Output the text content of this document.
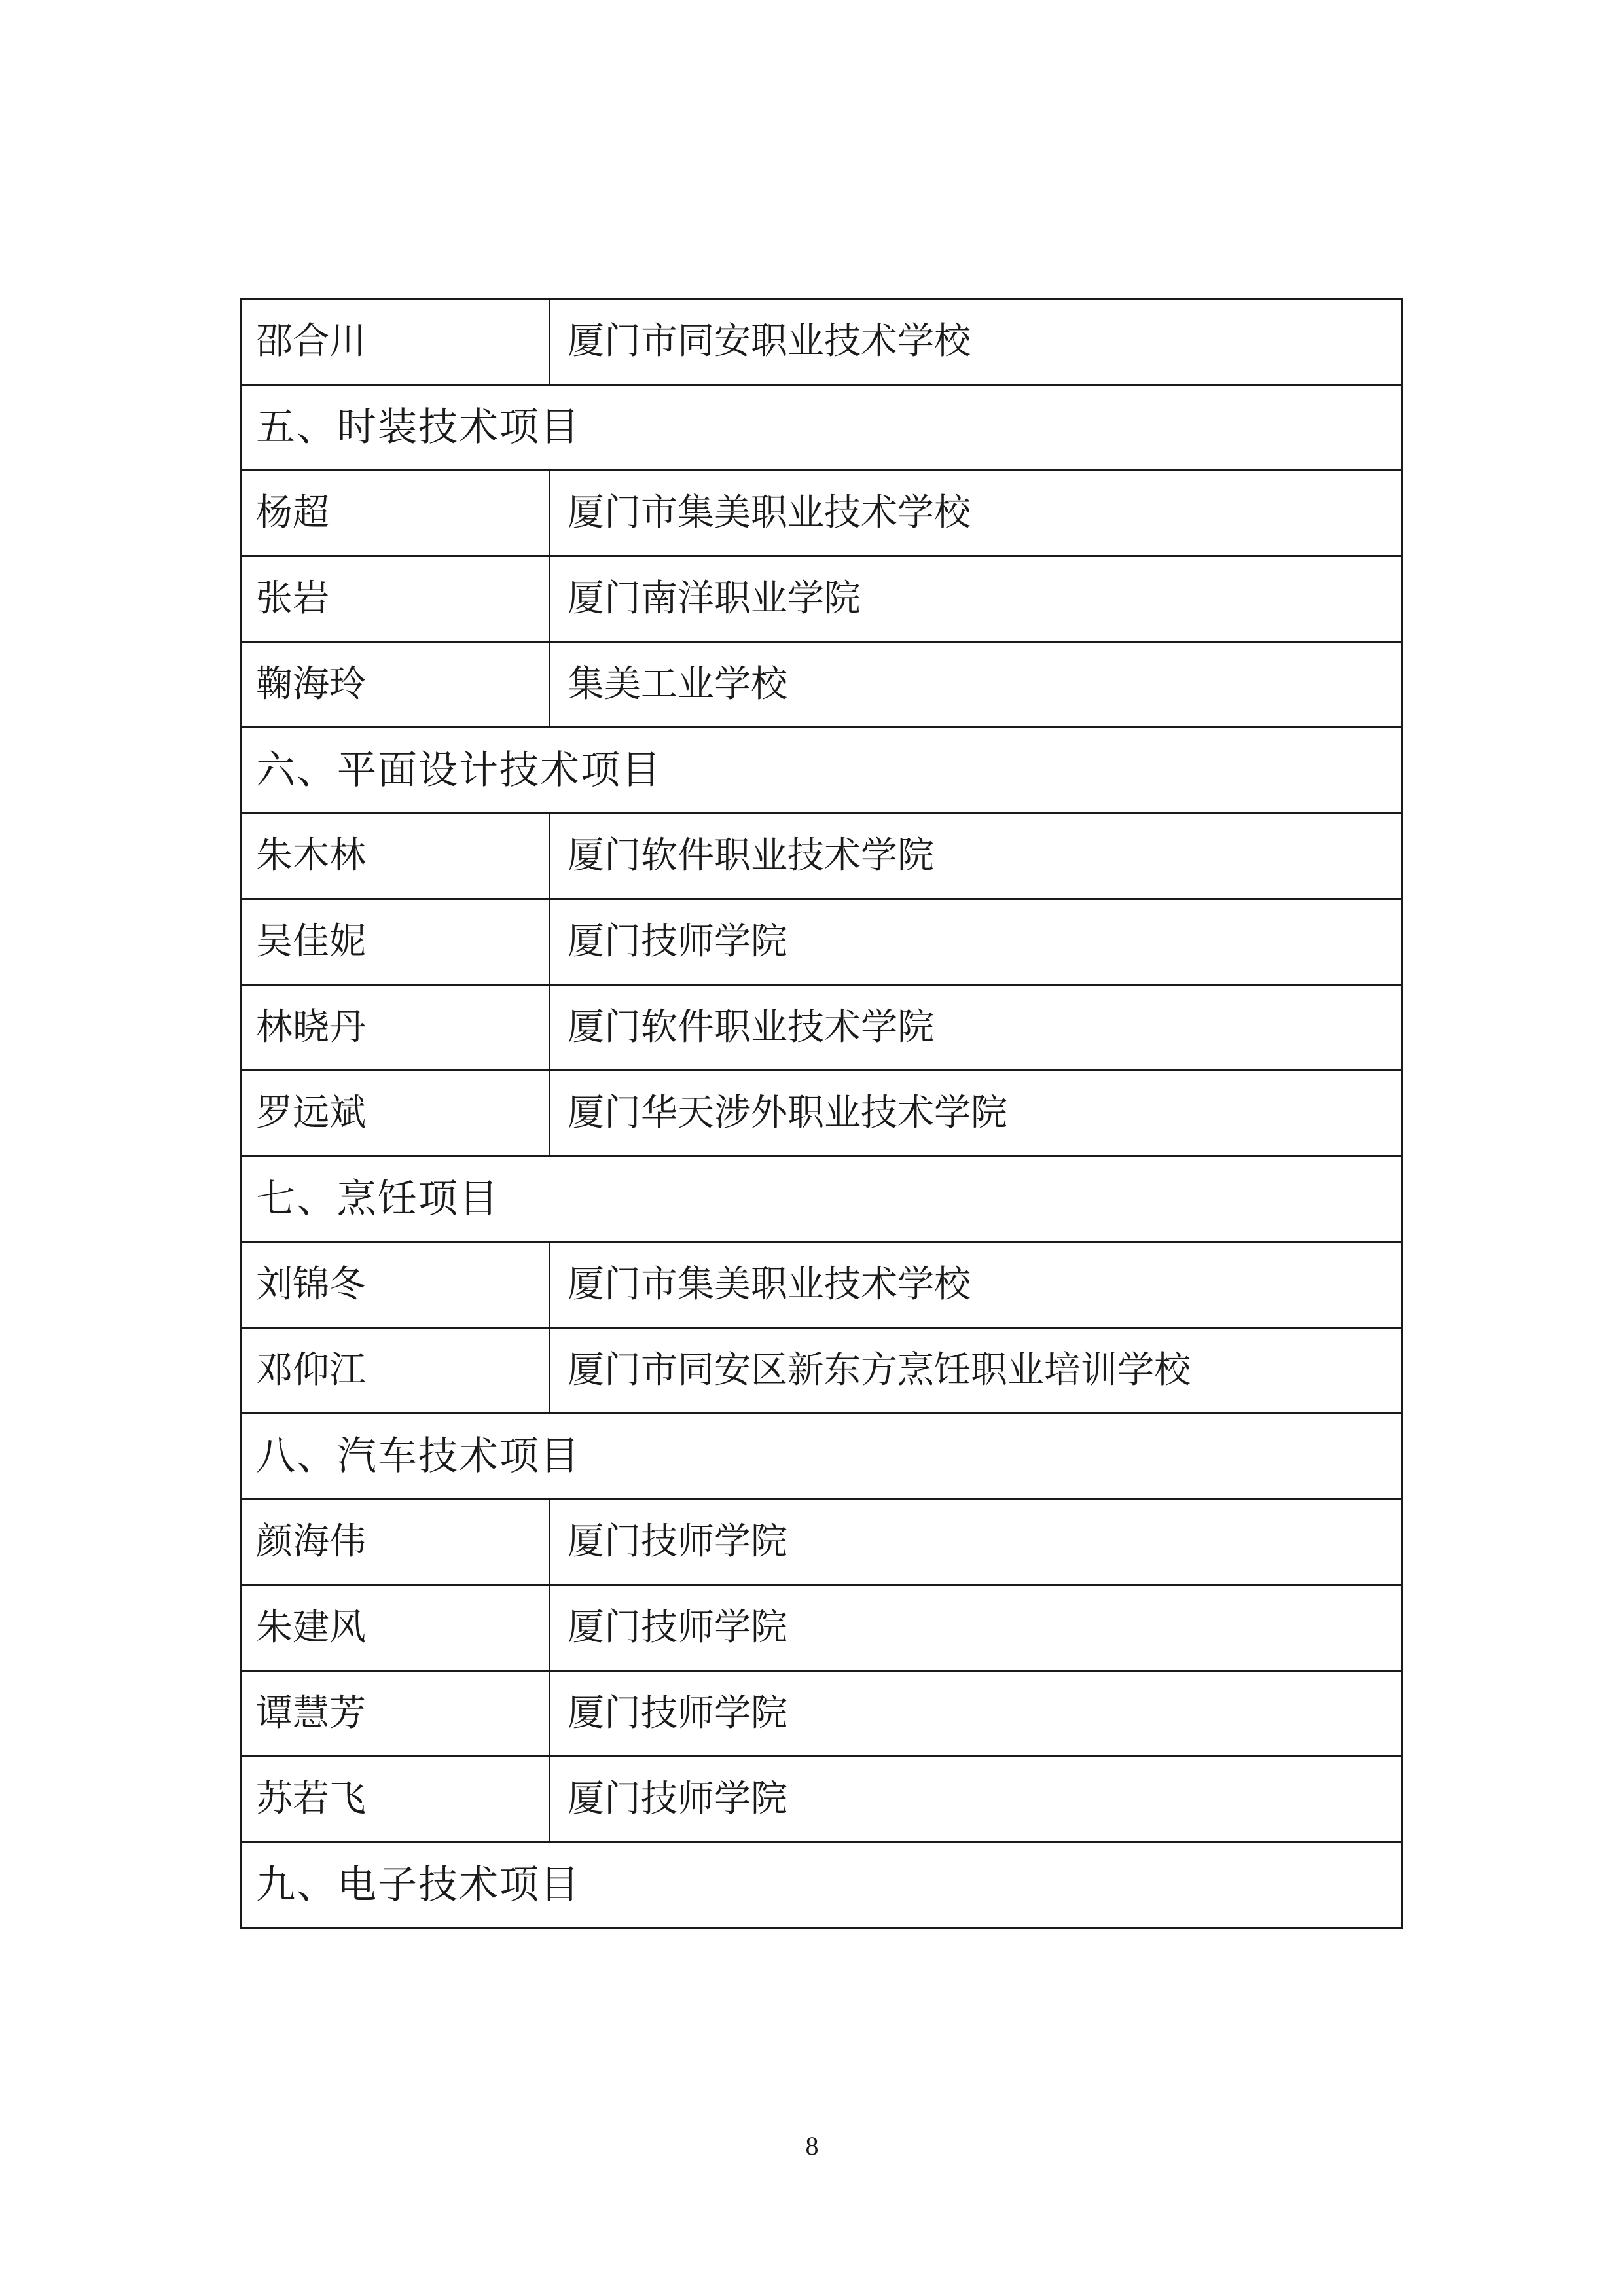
邵合川	厦门市同安职业技术学校
五、时装技术项目	
杨超	厦门市集美职业技术学校
张岩	厦门南洋职业学院
鞠海玲	集美工业学校
六、平面设计技术项目	
朱木林	厦门软件职业技术学院
吴佳妮	厦门技师学院
林晓丹	厦门软件职业技术学院
罗远斌	厦门华天涉外职业技术学院
七、烹饪项目	
刘锦冬	厦门市集美职业技术学校
邓仰江	厦门市同安区新东方烹饪职业培训学校
八、汽车技术项目	
颜海伟	厦门技师学院
朱建风	厦门技师学院
谭慧芳	厦门技师学院
苏若飞	厦门技师学院
九、电子技术项目	
8
